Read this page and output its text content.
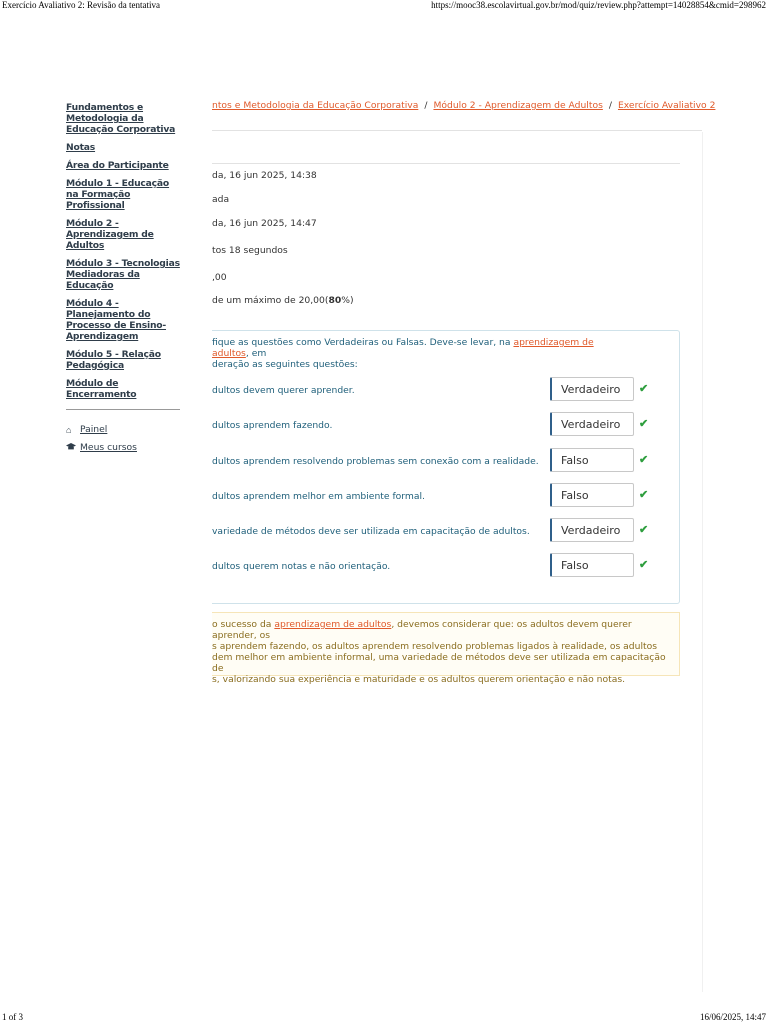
Exercício Avaliativo 2: Revisão da tentativa	https://mooc38.escolavirtual.gov.br/mod/quiz/review.php?attempt=14028854&cmid=298962
Fundamentos e Metodologia da Educação Corporativa
Notas
Área do Participante
Módulo 1 - Educação na Formação Profissional
Módulo 2 - Aprendizagem de Adultos
Módulo 3 - Tecnologias Mediadoras da Educação
Módulo 4 - Planejamento do Processo de Ensino-Aprendizagem
Módulo 5 - Relação Pedagógica
Módulo de Encerramento
⌂ Painel
Meus cursos
ntos e Metodologia da Educação Corporativa / Módulo 2 - Aprendizagem de Adultos / Exercício Avaliativo 2
da, 16 jun 2025, 14:38
ada
da, 16 jun 2025, 14:47
tos 18 segundos
,00
de um máximo de 20,00(80%)
fique as questões como Verdadeiras ou Falsas. Deve-se levar, na aprendizagem de adultos, em
deração as seguintes questões:
dultos devem querer aprender.	Verdadeiro	✔
dultos aprendem fazendo.	Verdadeiro	✔
dultos aprendem resolvendo problemas sem conexão com a realidade.	Falso	✔
dultos aprendem melhor em ambiente formal.	Falso	✔
variedade de métodos deve ser utilizada em capacitação de adultos.	Verdadeiro	✔
dultos querem notas e não orientação.	Falso	✔
o sucesso da aprendizagem de adultos, devemos considerar que: os adultos devem querer aprender, os
s aprendem fazendo, os adultos aprendem resolvendo problemas ligados à realidade, os adultos
dem melhor em ambiente informal, uma variedade de métodos deve ser utilizada em capacitação de
s, valorizando sua experiência e maturidade e os adultos querem orientação e não notas.
1 of 3	16/06/2025, 14:47
